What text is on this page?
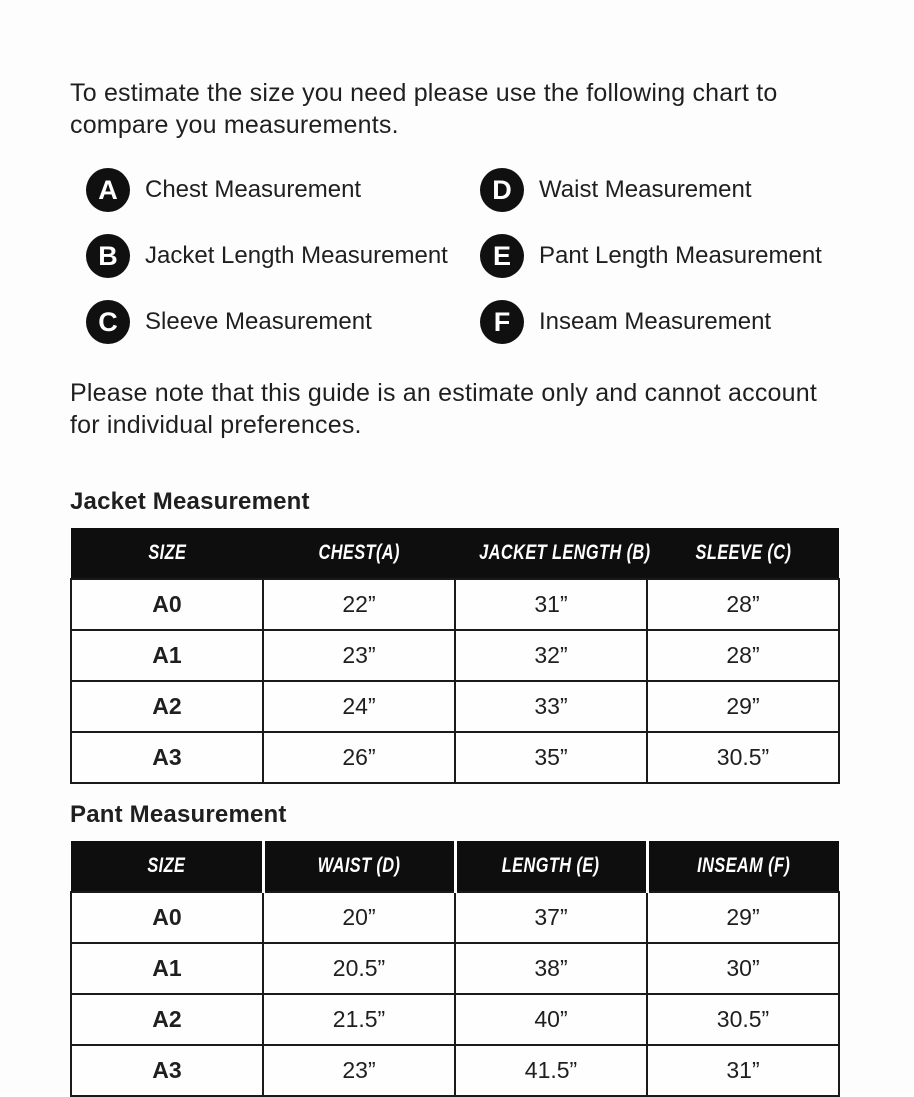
To estimate the size you need please use the following chart to compare you measurements.

A	Chest Measurement
B	Jacket Length Measurement
C	Sleeve Measurement
D	Waist Measurement
E	Pant Length Measurement
F	Inseam Measurement

Please note that this guide is an estimate only and cannot account for individual preferences.

Jacket Measurement
SIZE	CHEST(A)	JACKET LENGTH (B)	SLEEVE (C)
A0	22”	31”	28”
A1	23”	32”	28”
A2	24”	33”	29”
A3	26”	35”	30.5”
Pant Measurement
SIZE	WAIST (D)	LENGTH (E)	INSEAM (F)
A0	20”	37”	29”
A1	20.5”	38”	30”
A2	21.5”	40”	30.5”
A3	23”	41.5”	31”
